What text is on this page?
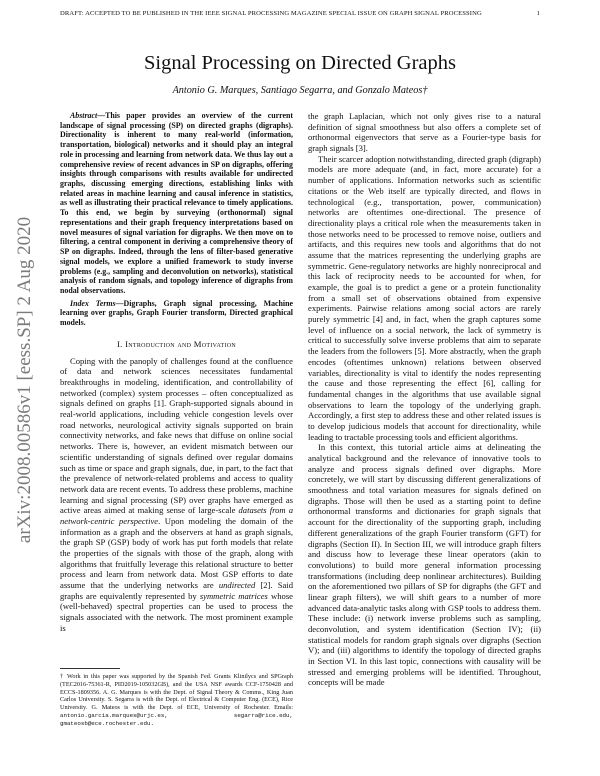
DRAFT: ACCEPTED TO BE PUBLISHED IN THE IEEE SIGNAL PROCESSING MAGAZINE SPECIAL ISSUE ON GRAPH SIGNAL PROCESSING	1
arXiv:2008.00586v1 [eess.SP] 2 Aug 2020
Signal Processing on Directed Graphs
Antonio G. Marques, Santiago Segarra, and Gonzalo Mateos†

Abstract—This paper provides an overview of the current landscape of signal processing (SP) on directed graphs (digraphs). Directionality is inherent to many real-world (information, transportation, biological) networks and it should play an integral role in processing and learning from network data. We thus lay out a comprehensive review of recent advances in SP on digraphs, offering insights through comparisons with results available for undirected graphs, discussing emerging directions, establishing links with related areas in machine learning and causal inference in statistics, as well as illustrating their practical relevance to timely applications. To this end, we begin by surveying (orthonormal) signal representations and their graph frequency interpretations based on novel measures of signal variation for digraphs. We then move on to filtering, a central component in deriving a comprehensive theory of SP on digraphs. Indeed, through the lens of filter-based generative signal models, we explore a unified framework to study inverse problems (e.g., sampling and deconvolution on networks), statistical analysis of random signals, and topology inference of digraphs from nodal observations.

Index Terms—Digraphs, Graph signal processing, Machine learning over graphs, Graph Fourier transform, Directed graphical models.

I. Introduction and Motivation

Coping with the panoply of challenges found at the confluence of data and network sciences necessitates fundamental breakthroughs in modeling, identification, and controllability of networked (complex) system processes – often conceptualized as signals defined on graphs [1]. Graph-supported signals abound in real-world applications, including vehicle congestion levels over road networks, neurological activity signals supported on brain connectivity networks, and fake news that diffuse on online social networks. There is, however, an evident mismatch between our scientific understanding of signals defined over regular domains such as time or space and graph signals, due, in part, to the fact that the prevalence of network-related problems and access to quality network data are recent events. To address these problems, machine learning and signal processing (SP) over graphs have emerged as active areas aimed at making sense of large-scale datasets from a network-centric perspective. Upon modeling the domain of the information as a graph and the observers at hand as graph signals, the graph SP (GSP) body of work has put forth models that relate the properties of the signals with those of the graph, along with algorithms that fruitfully leverage this relational structure to better process and learn from network data. Most GSP efforts to date assume that the underlying networks are undirected [2]. Said graphs are equivalently represented by symmetric matrices whose (well-behaved) spectral properties can be used to process the signals associated with the network. The most prominent example is

† Work in this paper was supported by the Spanish Fed. Grants Klinilycs and SPGraph (TEC2016-75361-R, PID2019-105032GB), and the USA NSF awards CCF-1750428 and ECCS-1809356. A. G. Marques is with the Dept. of Signal Theory & Comms., King Juan Carlos University. S. Segarra is with the Dept. of Electrical & Computer Eng. (ECE), Rice University. G. Mateos is with the Dept. of ECE, University of Rochester. Emails: antonio.garcia.marques@urjc.es, segarra@rice.edu, gmateosb@ece.rochester.edu.

the graph Laplacian, which not only gives rise to a natural definition of signal smoothness but also offers a complete set of orthonormal eigenvectors that serve as a Fourier-type basis for graph signals [3].

Their scarcer adoption notwithstanding, directed graph (digraph) models are more adequate (and, in fact, more accurate) for a number of applications. Information networks such as scientific citations or the Web itself are typically directed, and flows in technological (e.g., transportation, power, communication) networks are oftentimes one-directional. The presence of directionality plays a critical role when the measurements taken in those networks need to be processed to remove noise, outliers and artifacts, and this requires new tools and algorithms that do not assume that the matrices representing the underlying graphs are symmetric. Gene-regulatory networks are highly nonreciprocal and this lack of reciprocity needs to be accounted for when, for example, the goal is to predict a gene or a protein functionality from a small set of observations obtained from expensive experiments. Pairwise relations among social actors are rarely purely symmetric [4] and, in fact, when the graph captures some level of influence on a social network, the lack of symmetry is critical to successfully solve inverse problems that aim to separate the leaders from the followers [5]. More abstractly, when the graph encodes (oftentimes unknown) relations between observed variables, directionality is vital to identify the nodes representing the cause and those representing the effect [6], calling for fundamental changes in the algorithms that use available signal observations to learn the topology of the underlying graph. Accordingly, a first step to address these and other related issues is to develop judicious models that account for directionality, while leading to tractable processing tools and efficient algorithms.

In this context, this tutorial article aims at delineating the analytical background and the relevance of innovative tools to analyze and process signals defined over digraphs. More concretely, we will start by discussing different generalizations of smoothness and total variation measures for signals defined on digraphs. Those will then be used as a starting point to define orthonormal transforms and dictionaries for graph signals that account for the directionality of the supporting graph, including different generalizations of the graph Fourier transform (GFT) for digraphs (Section II). In Section III, we will introduce graph filters and discuss how to leverage these linear operators (akin to convolutions) to build more general information processing transformations (including deep nonlinear architectures). Building on the aforementioned two pillars of SP for digraphs (the GFT and linear graph filters), we will shift gears to a number of more advanced data-analytic tasks along with GSP tools to address them. These include: (i) network inverse problems such as sampling, deconvolution, and system identification (Section IV); (ii) statistical models for random graph signals over digraphs (Section V); and (iii) algorithms to identify the topology of directed graphs in Section VI. In this last topic, connections with causality will be stressed and emerging problems will be identified. Throughout, concepts will be made
